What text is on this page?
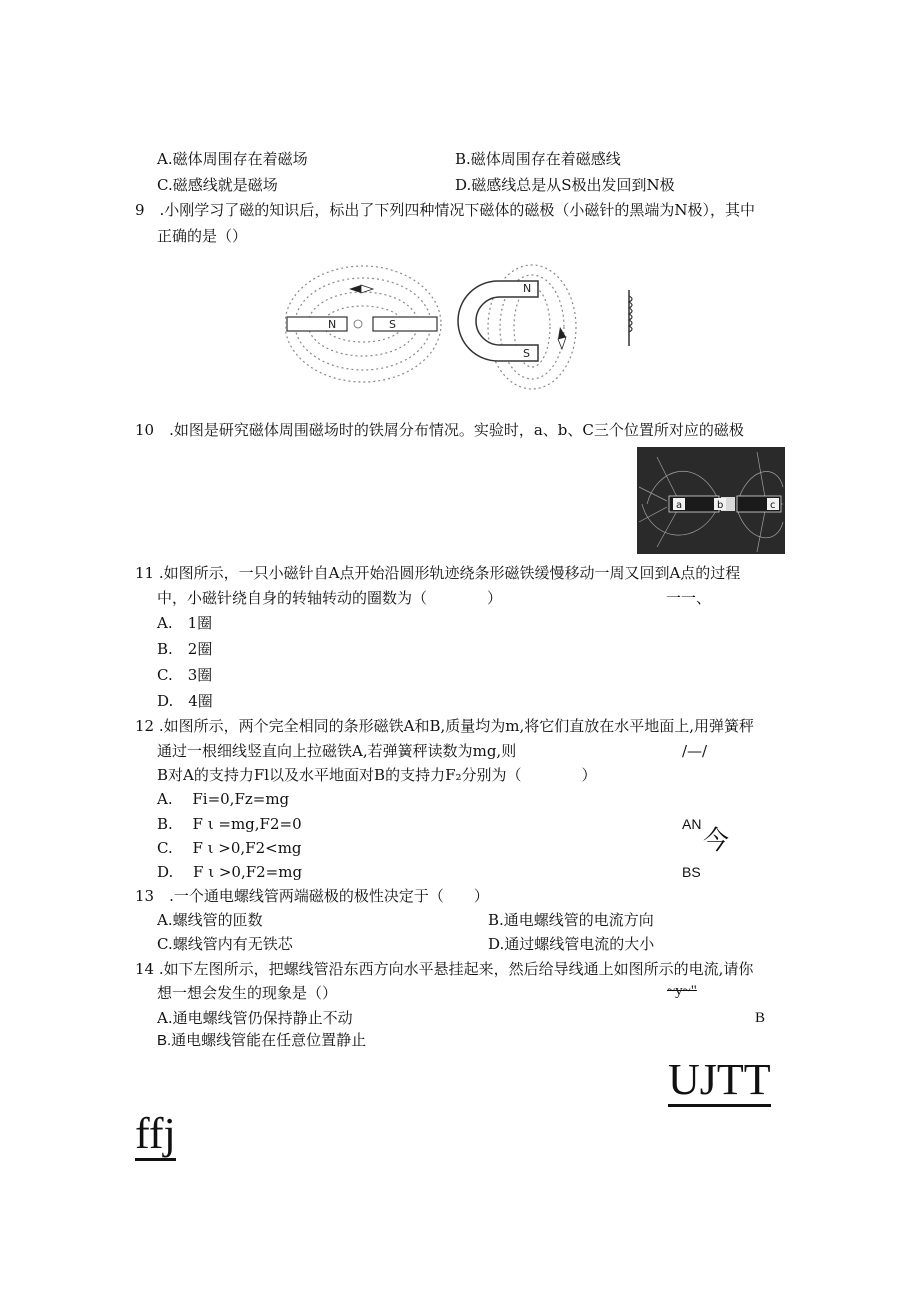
A.磁体周围存在着磁场	B.磁体周围存在着磁感线
C.磁感线就是磁场	D.磁感线总是从S极出发回到N极
9　.小刚学习了磁的知识后，标出了下列四种情况下磁体的磁极（小磁针的黑端为N极），其中
正确的是（）
N	S
N
S
10　.如图是研究磁体周围磁场时的铁屑分布情况。实验时，a、b、C三个位置所对应的磁极
a	b	c
11 .如图所示，一只小磁针自A点开始沿圆形轨迹绕条形磁铁缓慢移动一周又回到A点的过程
中，小磁针绕自身的转轴转动的圈数为（　　　　）	一一、
A.　1圈
B.　2圈
C.　3圈
D.　4圈
12 .如图所示，两个完全相同的条形磁铁A和B,质量均为m,将它们直放在水平地面上,用弹簧秤
通过一根细线竖直向上拉磁铁A,若弹簧秤读数为mg,则	/—/
B对A的支持力Fl以及水平地面对B的支持力F₂分别为（　　　　）
A.　 Fi=0,Fz=mg
B.　 F ι =mg,F2=0	AN
今
C.　 F ι >0,F2<mg
D.　 F ι >0,F2=mg	BS
13　.一个通电螺线管两端磁极的极性决定于（　　）
A.螺线管的匝数	B.通电螺线管的电流方向
C.螺线管内有无铁芯	D.通过螺线管电流的大小
14 .如下左图所示，把螺线管沿东西方向水平悬挂起来，然后给导线通上如图所示的电流,请你
想一想会发生的现象是（）	~y~"
A.通电螺线管仍保持静止不动	B
B.通电螺线管能在任意位置静止
UJTT
ffj
